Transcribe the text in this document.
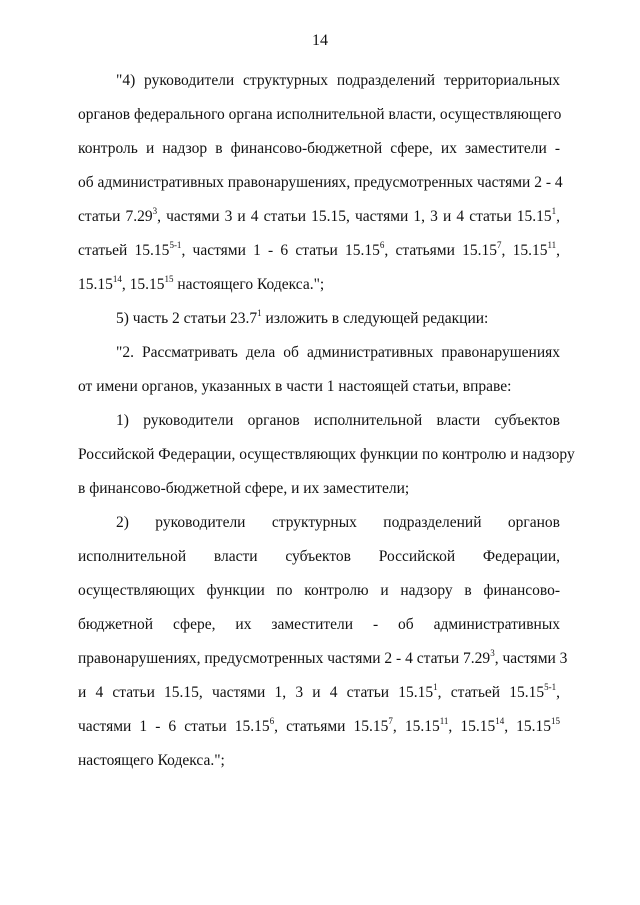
14
"4) руководители структурных подразделений территориальных
органов федерального органа исполнительной власти, осуществляющего
контроль и надзор в финансово-бюджетной сфере, их заместители -
об административных правонарушениях, предусмотренных частями 2 - 4
статьи 7.29$^3$, частями 3 и 4 статьи 15.15, частями 1, 3 и 4 статьи 15.15$^1$,
статьей 15.15$^{5-1}$, частями 1 - 6 статьи 15.15$^6$, статьями 15.15$^7$, 15.15$^{11}$,
15.15$^{14}$, 15.15$^{15}$ настоящего Кодекса.";
5) часть 2 статьи 23.7$^1$ изложить в следующей редакции:
"2. Рассматривать дела об административных правонарушениях
от имени органов, указанных в части 1 настоящей статьи, вправе:
1) руководители органов исполнительной власти субъектов
Российской Федерации, осуществляющих функции по контролю и надзору
в финансово-бюджетной сфере, и их заместители;
2) руководители структурных подразделений органов
исполнительной власти субъектов Российской Федерации,
осуществляющих функции по контролю и надзору в финансово-
бюджетной сфере, их заместители - об административных
правонарушениях, предусмотренных частями 2 - 4 статьи 7.29$^3$, частями 3
и 4 статьи 15.15, частями 1, 3 и 4 статьи 15.15$^1$, статьей 15.15$^{5-1}$,
частями 1 - 6 статьи 15.15$^6$, статьями 15.15$^7$, 15.15$^{11}$, 15.15$^{14}$, 15.15$^{15}$
настоящего Кодекса.";
